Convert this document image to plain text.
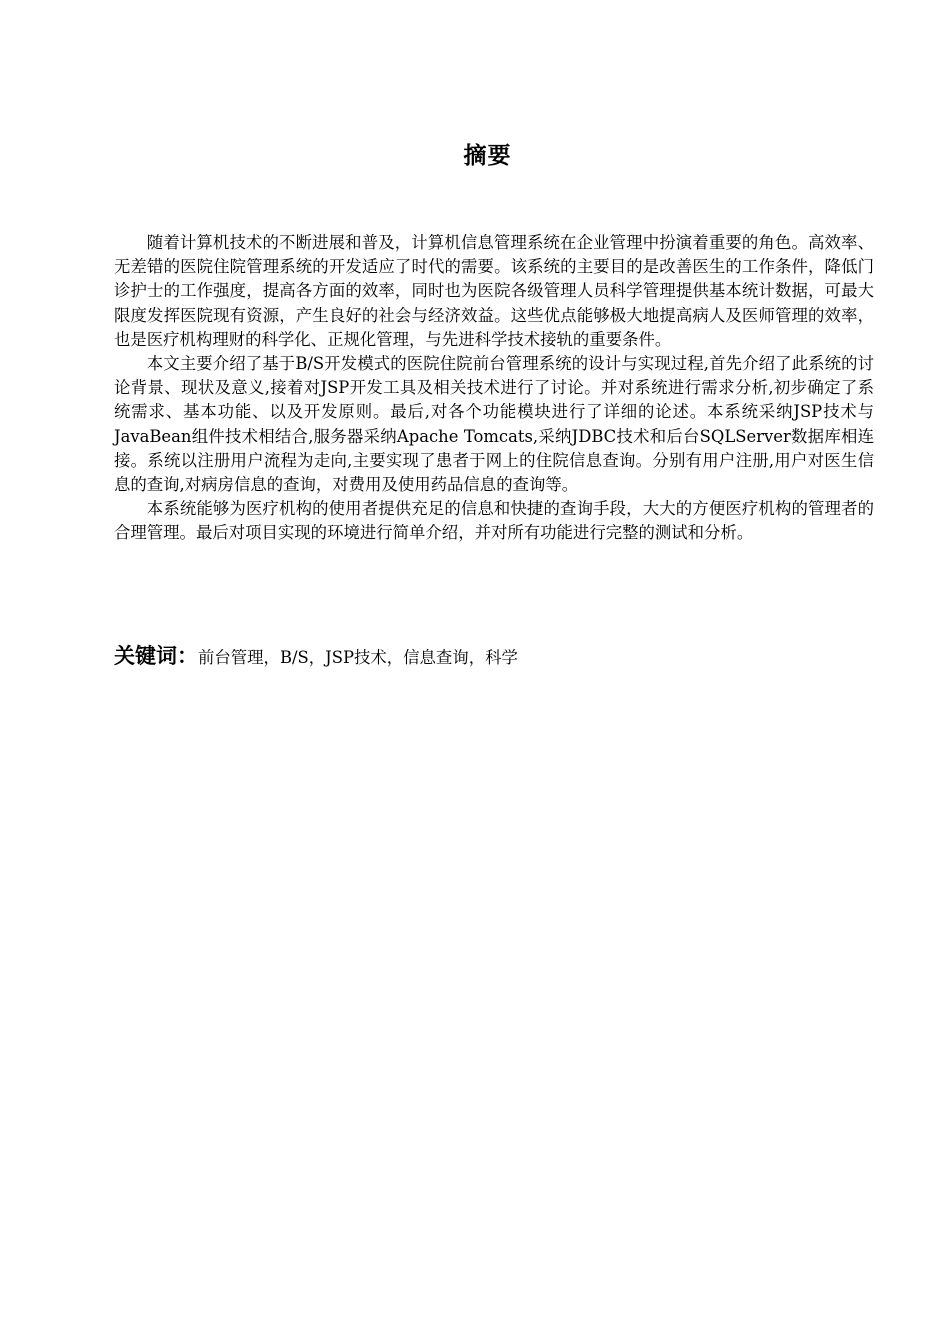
摘要

随着计算机技术的不断进展和普及，计算机信息管理系统在企业管理中扮演着重要的角色。高效率、无差错的医院住院管理系统的开发适应了时代的需要。该系统的主要目的是改善医生的工作条件，降低门诊护士的工作强度，提高各方面的效率，同时也为医院各级管理人员科学管理提供基本统计数据，可最大限度发挥医院现有资源，产生良好的社会与经济效益。这些优点能够极大地提高病人及医师管理的效率，也是医疗机构理财的科学化、正规化管理，与先进科学技术接轨的重要条件。

本文主要介绍了基于B/S开发模式的医院住院前台管理系统的设计与实现过程,首先介绍了此系统的讨论背景、现状及意义,接着对JSP开发工具及相关技术进行了讨论。并对系统进行需求分析,初步确定了系统需求、基本功能、以及开发原则。最后,对各个功能模块进行了详细的论述。本系统采纳JSP技术与JavaBean组件技术相结合,服务器采纳Apache Tomcats,采纳JDBC技术和后台SQLServer数据库相连接。系统以注册用户流程为走向,主要实现了患者于网上的住院信息查询。分别有用户注册,用户对医生信息的查询,对病房信息的查询，对费用及使用药品信息的查询等。

本系统能够为医疗机构的使用者提供充足的信息和快捷的查询手段，大大的方便医疗机构的管理者的合理管理。最后对项目实现的环境进行简单介绍，并对所有功能进行完整的测试和分析。

关键词：前台管理，B/S，JSP技术，信息查询，科学
